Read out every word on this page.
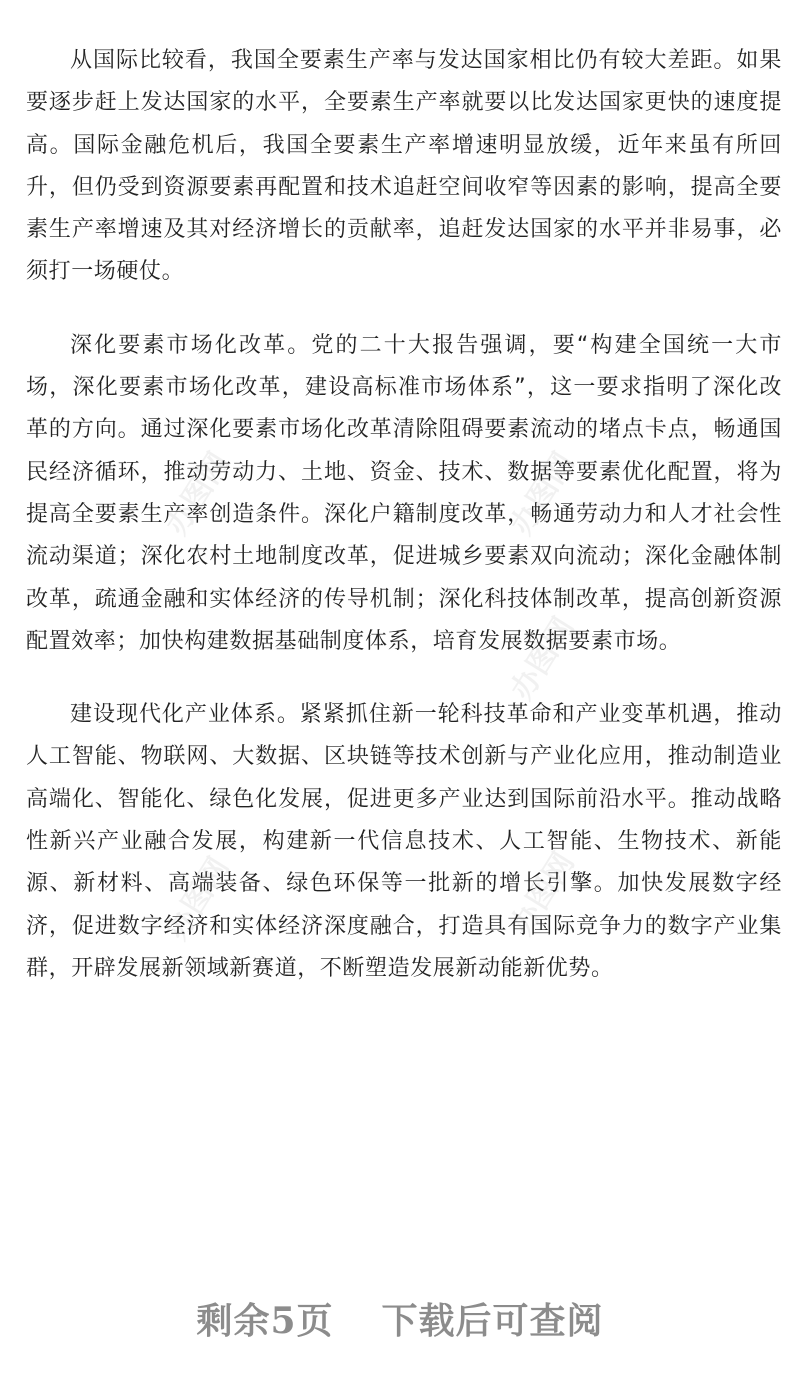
办图网	办图网
办图网
办图网
办图网

从国际比较看，我国全要素生产率与发达国家相比仍有较大差距。如果要逐步赶上发达国家的水平，全要素生产率就要以比发达国家更快的速度提高。国际金融危机后，我国全要素生产率增速明显放缓，近年来虽有所回升，但仍受到资源要素再配置和技术追赶空间收窄等因素的影响，提高全要素生产率增速及其对经济增长的贡献率，追赶发达国家的水平并非易事，必须打一场硬仗。

深化要素市场化改革。党的二十大报告强调，要“构建全国统一大市场，深化要素市场化改革，建设高标准市场体系”，这一要求指明了深化改革的方向。通过深化要素市场化改革清除阻碍要素流动的堵点卡点，畅通国民经济循环，推动劳动力、土地、资金、技术、数据等要素优化配置，将为提高全要素生产率创造条件。深化户籍制度改革，畅通劳动力和人才社会性流动渠道；深化农村土地制度改革，促进城乡要素双向流动；深化金融体制改革，疏通金融和实体经济的传导机制；深化科技体制改革，提高创新资源配置效率；加快构建数据基础制度体系，培育发展数据要素市场。

建设现代化产业体系。紧紧抓住新一轮科技革命和产业变革机遇，推动人工智能、物联网、大数据、区块链等技术创新与产业化应用，推动制造业高端化、智能化、绿色化发展，促进更多产业达到国际前沿水平。推动战略性新兴产业融合发展，构建新一代信息技术、人工智能、生物技术、新能源、新材料、高端装备、绿色环保等一批新的增长引擎。加快发展数字经济，促进数字经济和实体经济深度融合，打造具有国际竞争力的数字产业集群，开辟发展新领域新赛道，不断塑造发展新动能新优势。

剩余5页 下载后可查阅
